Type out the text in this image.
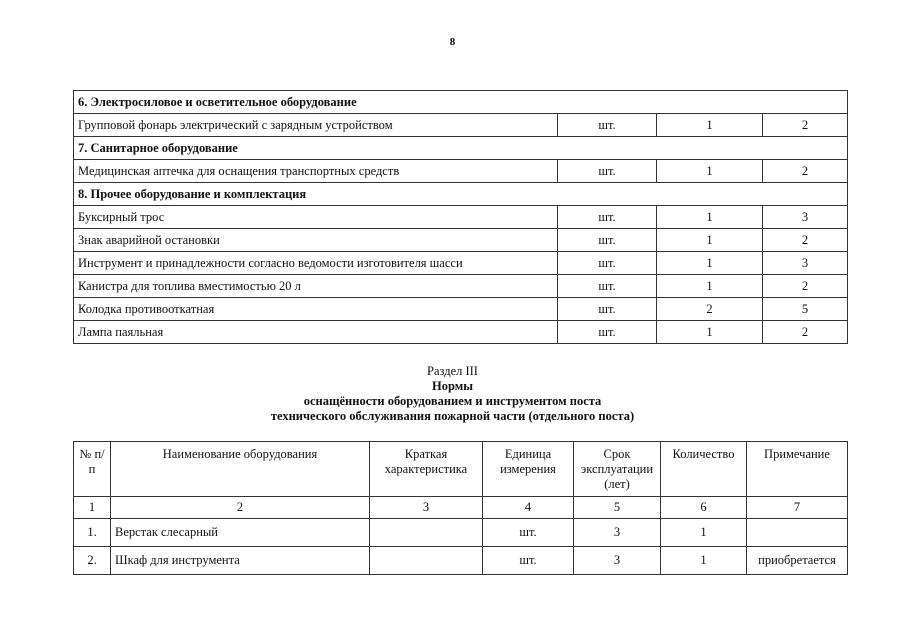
8
6. Электросиловое и осветительное оборудование			
Групповой фонарь электрический с зарядным устройством	шт.	1	2
7. Санитарное оборудование			
Медицинская аптечка для оснащения транспортных средств	шт.	1	2
8. Прочее оборудование и комплектация			
Буксирный трос	шт.	1	3
Знак аварийной остановки	шт.	1	2
Инструмент и принадлежности согласно ведомости изготовителя шасси	шт.	1	3
Канистра для топлива вместимостью 20 л	шт.	1	2
Колодка противооткатная	шт.	2	5
Лампа паяльная	шт.	1	2
Раздел III
Нормы
оснащённости оборудованием и инструментом поста
технического обслуживания пожарной части (отдельного поста)
№ п/п	Наименование оборудования	Краткая характеристика	Единица измерения	Срок эксплуатации (лет)	Количество	Примечание
1	2	3	4	5	6	7
1.	Верстак слесарный		шт.	3	1	
2.	Шкаф для инструмента		шт.	3	1	приобретается
